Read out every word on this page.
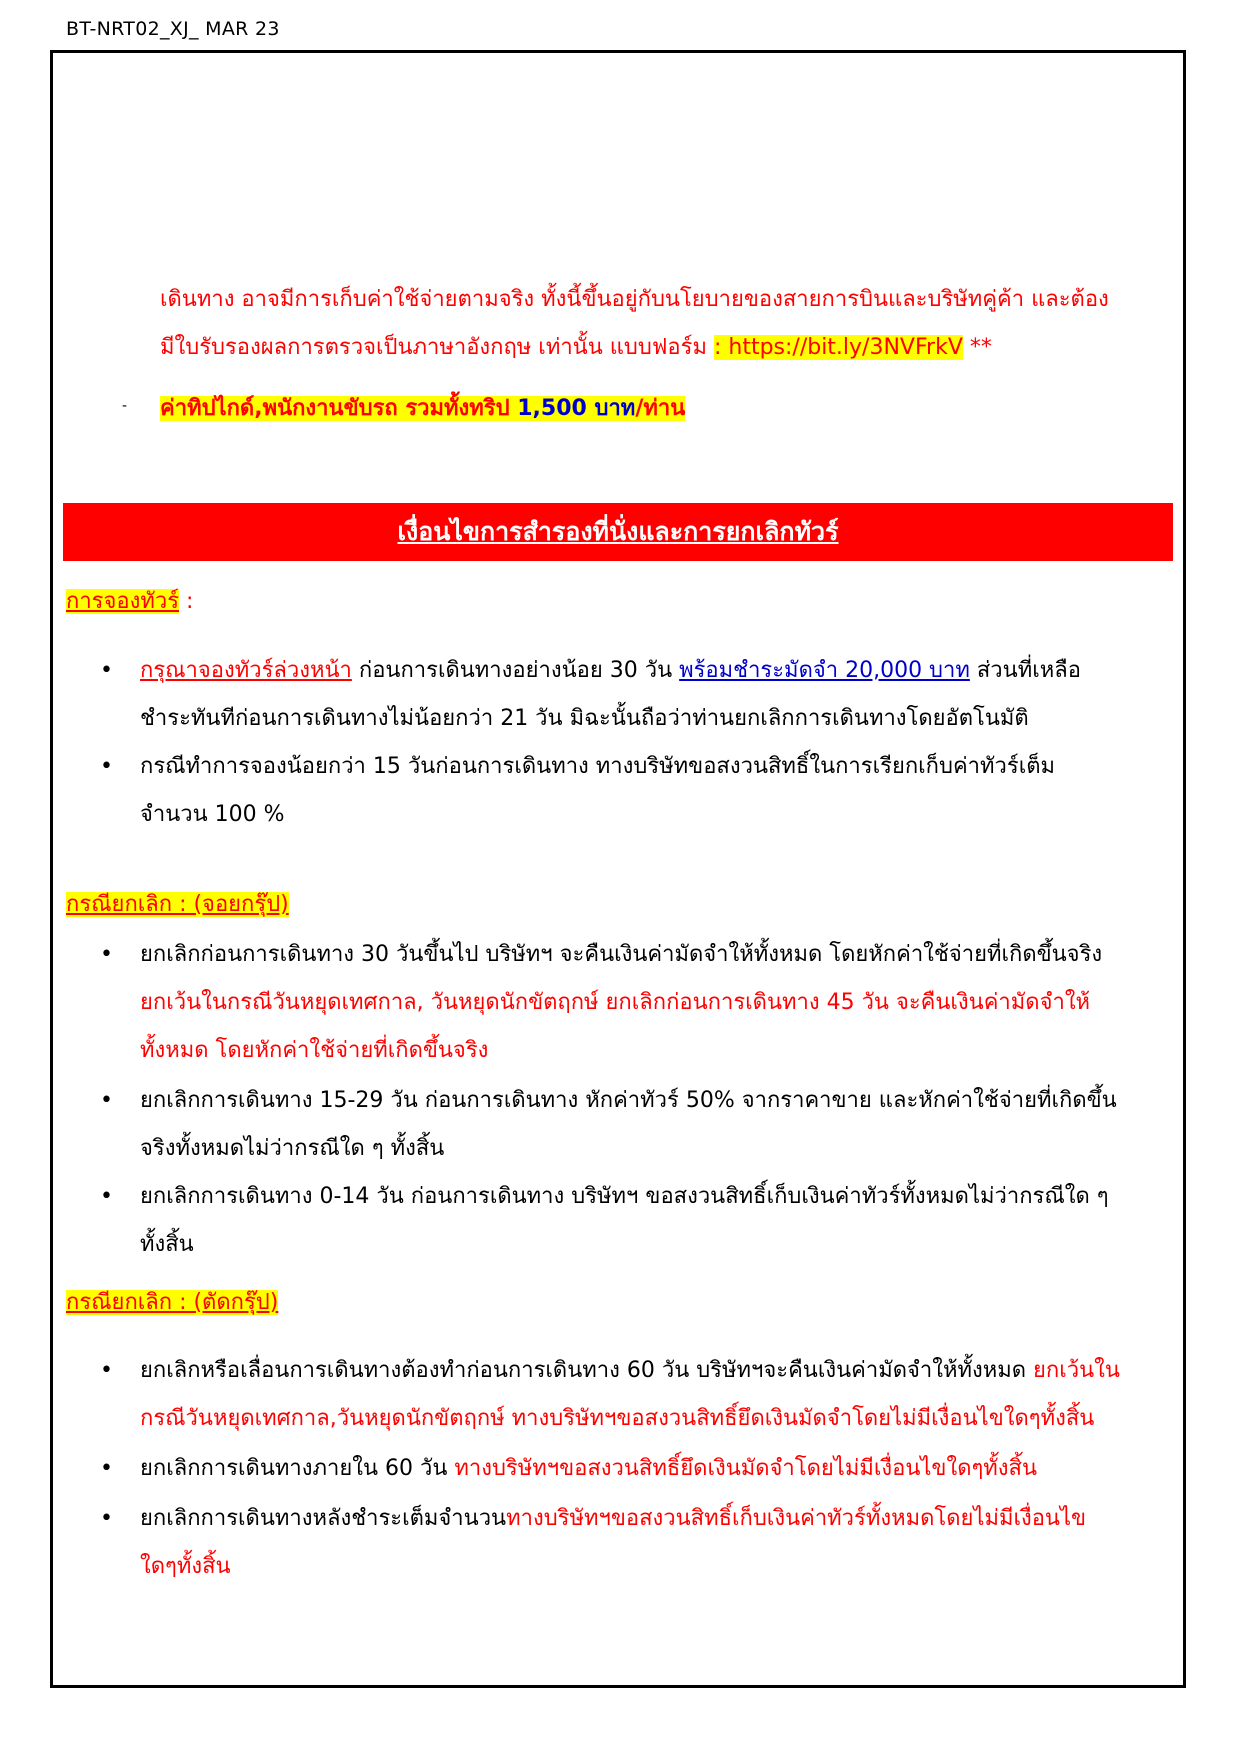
BT-NRT02_XJ_ MAR 23
เดินทาง อาจมีการเก็บค่าใช้จ่ายตามจริง ทั้งนี้ขึ้นอยู่กับนโยบายของสายการบินและบริษัทคู่ค้า และต้อง
มีใบรับรองผลการตรวจเป็นภาษาอังกฤษ เท่านั้น แบบฟอร์ม : https://bit.ly/3NVFrkV **
- ค่าทิปไกด์,พนักงานขับรถ รวมทั้งทริป 1,500 บาท/ท่าน
เงื่อนไขการสำรองที่นั่งและการยกเลิกทัวร์
การจองทัวร์ :
• กรุณาจองทัวร์ล่วงหน้า ก่อนการเดินทางอย่างน้อย 30 วัน พร้อมชำระมัดจำ 20,000 บาท ส่วนที่เหลือ
ชำระทันทีก่อนการเดินทางไม่น้อยกว่า 21 วัน มิฉะนั้นถือว่าท่านยกเลิกการเดินทางโดยอัตโนมัติ
• กรณีทำการจองน้อยกว่า 15 วันก่อนการเดินทาง ทางบริษัทขอสงวนสิทธิ์ในการเรียกเก็บค่าทัวร์เต็ม
จำนวน 100 %
กรณียกเลิก : (จอยกรุ๊ป)
• ยกเลิกก่อนการเดินทาง 30 วันขึ้นไป บริษัทฯ จะคืนเงินค่ามัดจำให้ทั้งหมด โดยหักค่าใช้จ่ายที่เกิดขึ้นจริง
ยกเว้นในกรณีวันหยุดเทศกาล, วันหยุดนักขัตฤกษ์ ยกเลิกก่อนการเดินทาง 45 วัน จะคืนเงินค่ามัดจำให้
ทั้งหมด โดยหักค่าใช้จ่ายที่เกิดขึ้นจริง
• ยกเลิกการเดินทาง 15-29 วัน ก่อนการเดินทาง หักค่าทัวร์ 50% จากราคาขาย และหักค่าใช้จ่ายที่เกิดขึ้น
จริงทั้งหมดไม่ว่ากรณีใด ๆ ทั้งสิ้น
• ยกเลิกการเดินทาง 0-14 วัน ก่อนการเดินทาง บริษัทฯ ขอสงวนสิทธิ์เก็บเงินค่าทัวร์ทั้งหมดไม่ว่ากรณีใด ๆ
ทั้งสิ้น
กรณียกเลิก : (ตัดกรุ๊ป)
• ยกเลิกหรือเลื่อนการเดินทางต้องทำก่อนการเดินทาง 60 วัน บริษัทฯจะคืนเงินค่ามัดจำให้ทั้งหมด ยกเว้นใน
กรณีวันหยุดเทศกาล,วันหยุดนักขัตฤกษ์ ทางบริษัทฯขอสงวนสิทธิ์ยึดเงินมัดจำโดยไม่มีเงื่อนไขใดๆทั้งสิ้น
• ยกเลิกการเดินทางภายใน 60 วัน ทางบริษัทฯขอสงวนสิทธิ์ยึดเงินมัดจำโดยไม่มีเงื่อนไขใดๆทั้งสิ้น
• ยกเลิกการเดินทางหลังชำระเต็มจำนวนทางบริษัทฯขอสงวนสิทธิ์เก็บเงินค่าทัวร์ทั้งหมดโดยไม่มีเงื่อนไข
ใดๆทั้งสิ้น
